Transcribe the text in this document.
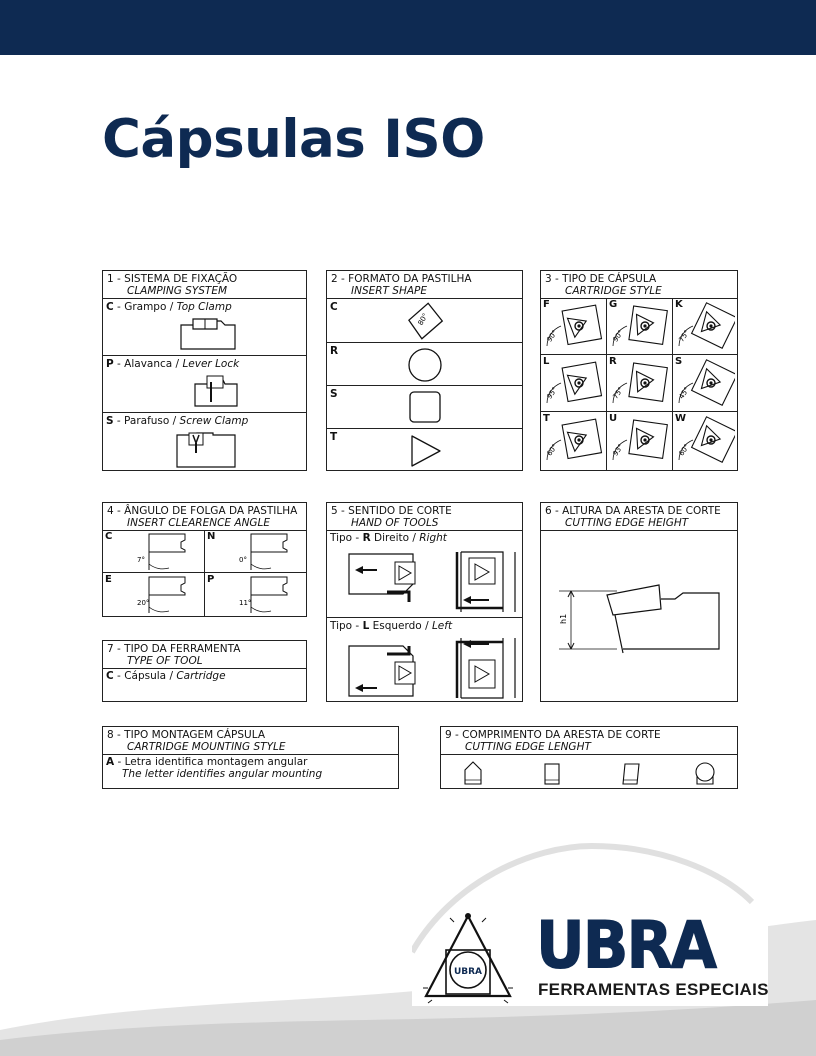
Cápsulas ISO
1 - SISTEMA DE FIXAÇÃO
CLAMPING SYSTEM
C - Grampo / Top Clamp
P - Alavanca / Lever Lock
S - Parafuso / Screw Clamp
2 - FORMATO DA PASTILHA
INSERT SHAPE
C
80°
R
S
T
3 - TIPO DE CÁPSULA
CARTRIDGE STYLE
F
90°
G
90°
K
75°
L
95°
R
75°
S
45°
T
60°
U
93°
W
60°
4 - ÂNGULO DE FOLGA DA PASTILHA
INSERT CLEARENCE ANGLE
C
7°
N
0°
E
20°
P
11°
5 - SENTIDO DE CORTE
HAND OF TOOLS
Tipo - R Direito / Right
Tipo - L Esquerdo / Left
6 - ALTURA DA ARESTA DE CORTE
CUTTING EDGE HEIGHT
h1
7 - TIPO DA FERRAMENTA
TYPE OF TOOL
C - Cápsula / Cartridge
8 - TIPO MONTAGEM CÁPSULA
CARTRIDGE MOUNTING STYLE
A - Letra identifica montagem angular
The letter identifies angular mounting
9 - COMPRIMENTO DA ARESTA DE CORTE
CUTTING EDGE LENGHT
UBRA UBRA
FERRAMENTAS ESPECIAIS
